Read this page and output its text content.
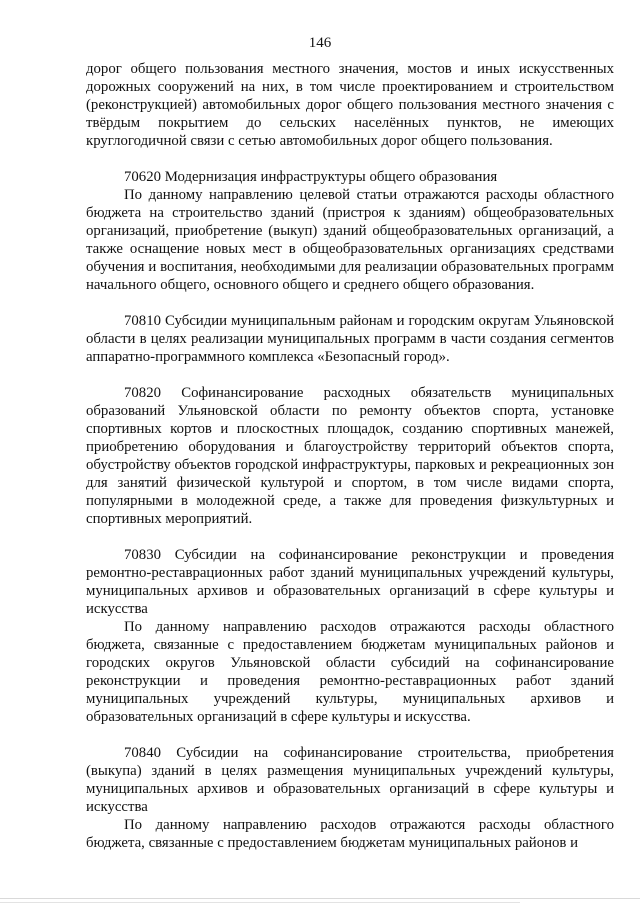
146

дорог общего пользования местного значения, мостов и иных искусственных дорожных сооружений на них, в том числе проектированием и строительством (реконструкцией) автомобильных дорог общего пользования местного значения с твёрдым покрытием до сельских населённых пунктов, не имеющих круглогодичной связи с сетью автомобильных дорог общего пользования.

70620 Модернизация инфраструктуры общего образования

По данному направлению целевой статьи отражаются расходы областного бюджета на строительство зданий (пристроя к зданиям) общеобразовательных организаций, приобретение (выкуп) зданий общеобразовательных организаций, а также оснащение новых мест в общеобразовательных организациях средствами обучения и воспитания, необходимыми для реализации образовательных программ начального общего, основного общего и среднего общего образования.

70810 Субсидии муниципальным районам и городским округам Ульяновской области в целях реализации муниципальных программ в части создания сегментов аппаратно-программного комплекса «Безопасный город».

70820 Софинансирование расходных обязательств муниципальных образований Ульяновской области по ремонту объектов спорта, установке спортивных кортов и плоскостных площадок, созданию спортивных манежей, приобретению оборудования и благоустройству территорий объектов спорта, обустройству объектов городской инфраструктуры, парковых и рекреационных зон для занятий физической культурой и спортом, в том числе видами спорта, популярными в молодежной среде, а также для проведения физкультурных и спортивных мероприятий.

70830 Субсидии на софинансирование реконструкции и проведения ремонтно-реставрационных работ зданий муниципальных учреждений культуры, муниципальных архивов и образовательных организаций в сфере культуры и искусства

По данному направлению расходов отражаются расходы областного бюджета, связанные с предоставлением бюджетам муниципальных районов и городских округов Ульяновской области субсидий на софинансирование реконструкции и проведения ремонтно-реставрационных работ зданий муниципальных учреждений культуры, муниципальных архивов и образовательных организаций в сфере культуры и искусства.

70840 Субсидии на софинансирование строительства, приобретения (выкупа) зданий в целях размещения муниципальных учреждений культуры, муниципальных архивов и образовательных организаций в сфере культуры и искусства

По данному направлению расходов отражаются расходы областного бюджета, связанные с предоставлением бюджетам муниципальных районов и
